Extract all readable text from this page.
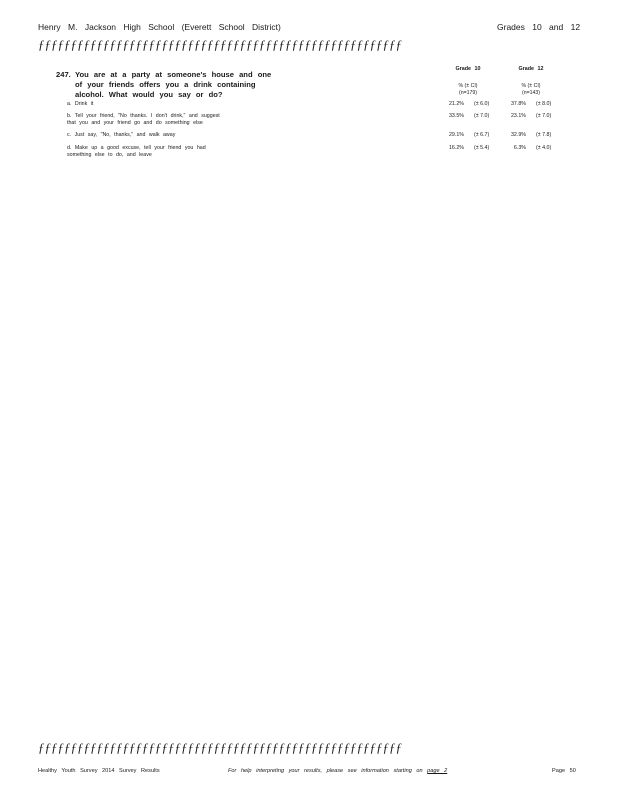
Henry M. Jackson High School (Everett School District)	Grades 10 and 12
ƒƒƒƒƒƒƒƒƒƒƒƒƒƒƒƒƒƒƒƒƒƒƒƒƒƒƒƒƒƒƒƒƒƒƒƒƒƒƒƒƒƒƒƒƒƒƒƒƒƒƒƒƒƒƒƒ
247. You are at a party at someone's house and one
of your friends offers you a drink containing
alcohol. What would you say or do?
Grade 10
% (± CI)
(n=179)
Grade 12
% (± CI)
(n=143)
a. Drink it	21.2% (± 6.0)	37.8% (± 8.0)
b. Tell your friend, "No thanks. I don't drink," and suggest
that you and your friend go and do something else
33.5% (± 7.0)	23.1% (± 7.0)
c. Just say, "No, thanks," and walk away	29.1% (± 6.7)	32.9% (± 7.8)
d. Make up a good excuse, tell your friend you had
something else to do, and leave
16.2% (± 5.4)	6.3% (± 4.0)
ƒƒƒƒƒƒƒƒƒƒƒƒƒƒƒƒƒƒƒƒƒƒƒƒƒƒƒƒƒƒƒƒƒƒƒƒƒƒƒƒƒƒƒƒƒƒƒƒƒƒƒƒƒƒƒƒ
Healthy Youth Survey 2014 Survey Results	For help interpreting your results, please see information starting on page 2	Page 50
